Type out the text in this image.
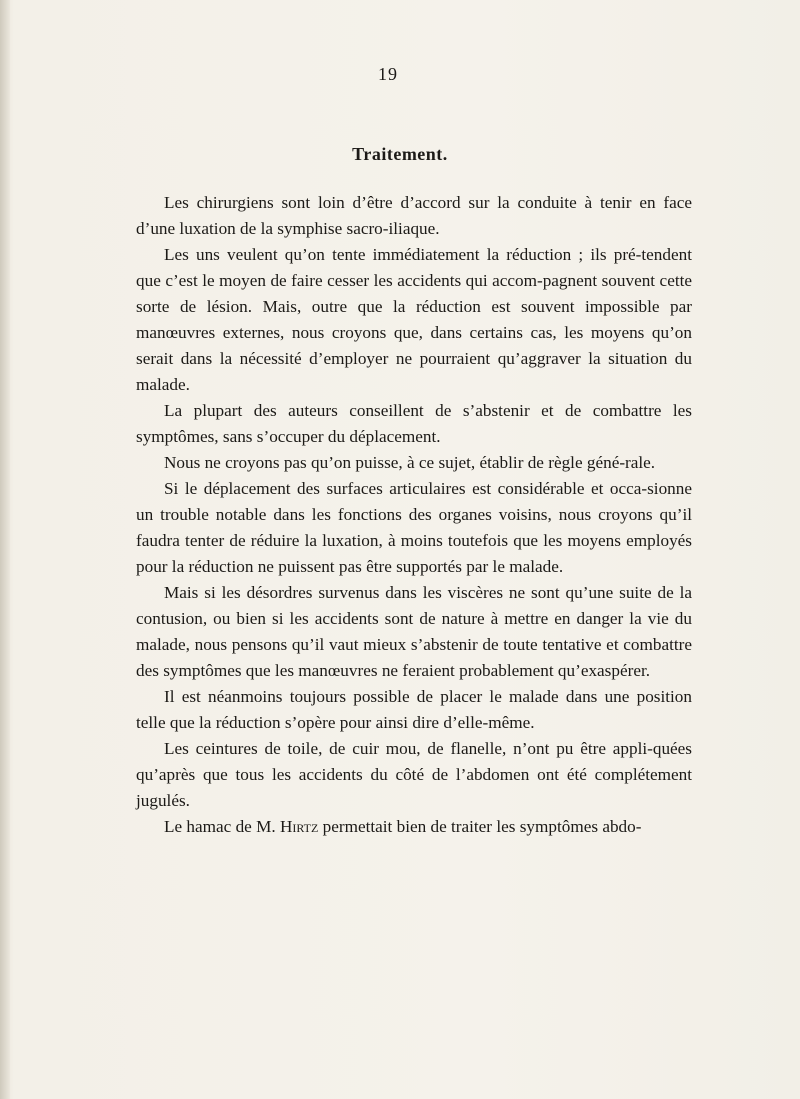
19
Traitement.

Les chirurgiens sont loin d’être d’accord sur la conduite à tenir en face d’une luxation de la symphise sacro-iliaque.

Les uns veulent qu’on tente immédiatement la réduction ; ils pré-tendent que c’est le moyen de faire cesser les accidents qui accom-pagnent souvent cette sorte de lésion. Mais, outre que la réduction est souvent impossible par manœuvres externes, nous croyons que, dans certains cas, les moyens qu’on serait dans la nécessité d’employer ne pourraient qu’aggraver la situation du malade.

La plupart des auteurs conseillent de s’abstenir et de combattre les symptômes, sans s’occuper du déplacement.

Nous ne croyons pas qu’on puisse, à ce sujet, établir de règle géné-rale.

Si le déplacement des surfaces articulaires est considérable et occa-sionne un trouble notable dans les fonctions des organes voisins, nous croyons qu’il faudra tenter de réduire la luxation, à moins toutefois que les moyens employés pour la réduction ne puissent pas être supportés par le malade.

Mais si les désordres survenus dans les viscères ne sont qu’une suite de la contusion, ou bien si les accidents sont de nature à mettre en danger la vie du malade, nous pensons qu’il vaut mieux s’abstenir de toute tentative et combattre des symptômes que les manœuvres ne feraient probablement qu’exaspérer.

Il est néanmoins toujours possible de placer le malade dans une position telle que la réduction s’opère pour ainsi dire d’elle-même.

Les ceintures de toile, de cuir mou, de flanelle, n’ont pu être appli-quées qu’après que tous les accidents du côté de l’abdomen ont été complétement jugulés.

Le hamac de M. Hirtz permettait bien de traiter les symptômes abdo-
